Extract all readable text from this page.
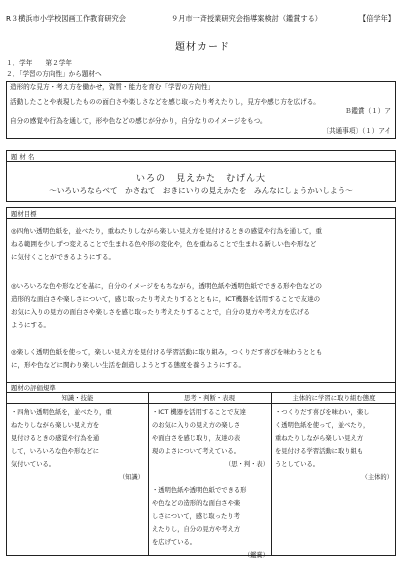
R３横浜市小学校図画工作教育研究会	９月市一斉授業研究会指導案検討（鑑賞する）	【倍学年】
題材カード
１．学年　　第２学年
２．「学習の方向性」から題材へ
造形的な見方・考え方を働かせ，資質・能力を育む「学習の方向性」
活動したことや表現したものの面白さや楽しさなどを感じ取ったり考えたりし，見方や感じ方を広げる。
Ｂ鑑賞（１）ア
自分の感覚や行為を通して，形や色などの感じが分かり，自分なりのイメージをもつ。
〔共通事項〕（１）アイ
題 材 名
いろの　見えかた　むげん大
～いろいろならべて　かさねて　おきにいりの見えかたを　みんなにしょうかいしよう～
題材目標
◎四角い透明色紙を，並べたり，重ねたりしながら楽しい見え方を見付けるときの感覚や行為を通して，重
ねる範囲を少しずつ変えることで生まれる色や形の変化や，色を重ねることで生まれる新しい色や形など
に気付くことができるようにする。
◎いろいろな色や形などを基に，自分のイメージをもちながら，透明色紙や透明色紙でできる形や色などの
造形的な面白さや楽しさについて，感じ取ったり考えたりするとともに，ICT機器を活用することで友達の
お気に入りの見方の面白さや楽しさを感じ取ったり考えたりすることで，自分の見方や考え方を広げる
ようにする。
◎楽しく透明色紙を使って，楽しい見え方を見付ける学習活動に取り組み，つくりだす喜びを味わうととも
に，形や色などに関わり楽しい生活を創造しようとする態度を養うようにする。
題材の評価規準
知識・技能	思考・判断・表現	主体的に学習に取り組む態度
・四角い透明色紙を，並べたり，重
ねたりしながら楽しい見え方を
見付けるときの感覚や行為を通
して，いろいろな色や形などに
気付いている。
（知識）
・ICT 機器を活用することで友達
のお気に入りの見え方の楽しさ
や面白さを感じ取り，友達の表
現のよさについて考えている。
（思・判・表）
・透明色紙や透明色紙でできる形
や色などの造形的な面白さや楽
しさについて，感じ取ったり考
えたりし，自分の見方や考え方
を広げている。
（鑑賞）
・つくりだす喜びを味わい，楽し
く透明色紙を使って，並べたり，
重ねたりしながら楽しい見え方
を見付ける学習活動に取り組も
うとしている。
（主体的）
